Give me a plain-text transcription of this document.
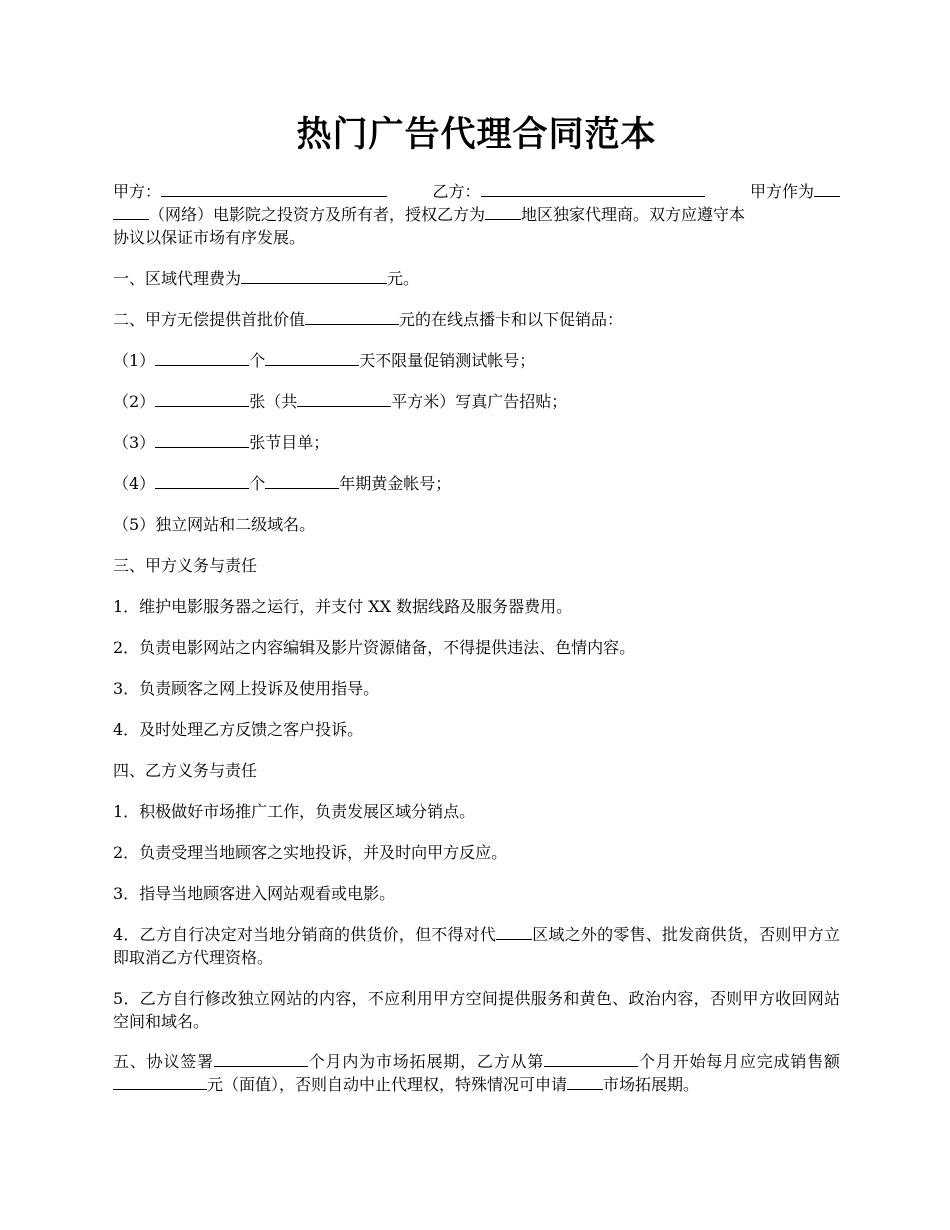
热门广告代理合同范本
甲方：	乙方：	甲方作为
（网络）电影院之投资方及所有者，授权乙方为 地区独家代理商。双方应遵守本
协议以保证市场有序发展。
一、区域代理费为	元。
二、甲方无偿提供首批价值	元的在线点播卡和以下促销品：
（1）	个	天不限量促销测试帐号；
（2）	张（共	平方米）写真广告招贴；
（3）	张节目单；
（4）	个	年期黄金帐号；
（5）独立网站和二级域名。
三、甲方义务与责任
1．维护电影服务器之运行，并支付 XX 数据线路及服务器费用。
2．负责电影网站之内容编辑及影片资源储备，不得提供违法、色情内容。
3．负责顾客之网上投诉及使用指导。
4．及时处理乙方反馈之客户投诉。
四、乙方义务与责任
1．积极做好市场推广工作，负责发展区域分销点。
2．负责受理当地顾客之实地投诉，并及时向甲方反应。
3．指导当地顾客进入网站观看或电影。
4．乙方自行决定对当地分销商的供货价，但不得对代 区域之外的零售、批发商供货，否则甲方立即取消乙方代理资格。
5．乙方自行修改独立网站的内容，不应利用甲方空间提供服务和黄色、政治内容，否则甲方收回网站空间和域名。
五、协议签署	个月内为市场拓展期，乙方从第	个月开始每月应完成销售额元（面值），否则自动中止代理权，特殊情况可申请 市场拓展期。
